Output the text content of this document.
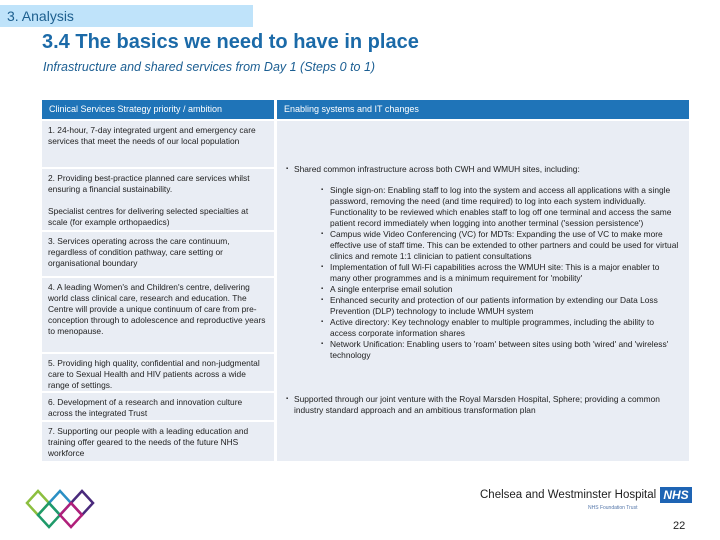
3. Analysis
3.4 The basics we need to have in place
Infrastructure and shared services from Day 1 (Steps 0 to 1)
Clinical Services Strategy priority / ambition	Enabling systems and IT changes

1. 24-hour, 7-day integrated urgent and emergency care services that meet the needs of our local population

2. Providing best-practice planned care services whilst ensuring a financial sustainability.

Specialist centres for delivering selected specialties at scale (for example orthopaedics)

3. Services operating across the care continuum, regardless of condition pathway, care setting or organisational boundary

4. A leading Women's and Children's centre, delivering world class clinical care, research and education. The Centre will provide a unique continuum of care from pre-conception through to adolescence and reproductive years to menopause.

5. Providing high quality, confidential and non-judgmental care to Sexual Health and HIV patients across a wide range of settings.

6. Development of a research and innovation culture across the integrated Trust

7. Supporting our people with a leading education and training offer geared to the needs of the future NHS workforce

▪ Shared common infrastructure across both CWH and WMUH sites, including:
▪ Single sign-on: Enabling staff to log into the system and access all applications with a single password, removing the need (and time required) to log into each system individually. Functionality to be reviewed which enables staff to log off one terminal and access the same patient record immediately when logging into another terminal ('session persistence')
▪ Campus wide Video Conferencing (VC) for MDTs: Expanding the use of VC to make more effective use of staff time. This can be extended to other partners and could be used for virtual clinics and remote 1:1 clinician to patient consultations
▪ Implementation of full Wi-Fi capabilities across the WMUH site: This is a major enabler to many other programmes and is a minimum requirement for 'mobility'
▪ A single enterprise email solution
▪ Enhanced security and protection of our patients information by extending our Data Loss Prevention (DLP) technology to include WMUH system
▪ Active directory: Key technology enabler to multiple programmes, including the ability to access corporate information shares
▪ Network Unification: Enabling users to 'roam' between sites using both 'wired' and 'wireless' technology
▪ Supported through our joint venture with the Royal Marsden Hospital, Sphere; providing a common industry standard approach and an ambitious transformation plan
Chelsea and Westminster Hospital NHS
NHS Foundation Trust
22
